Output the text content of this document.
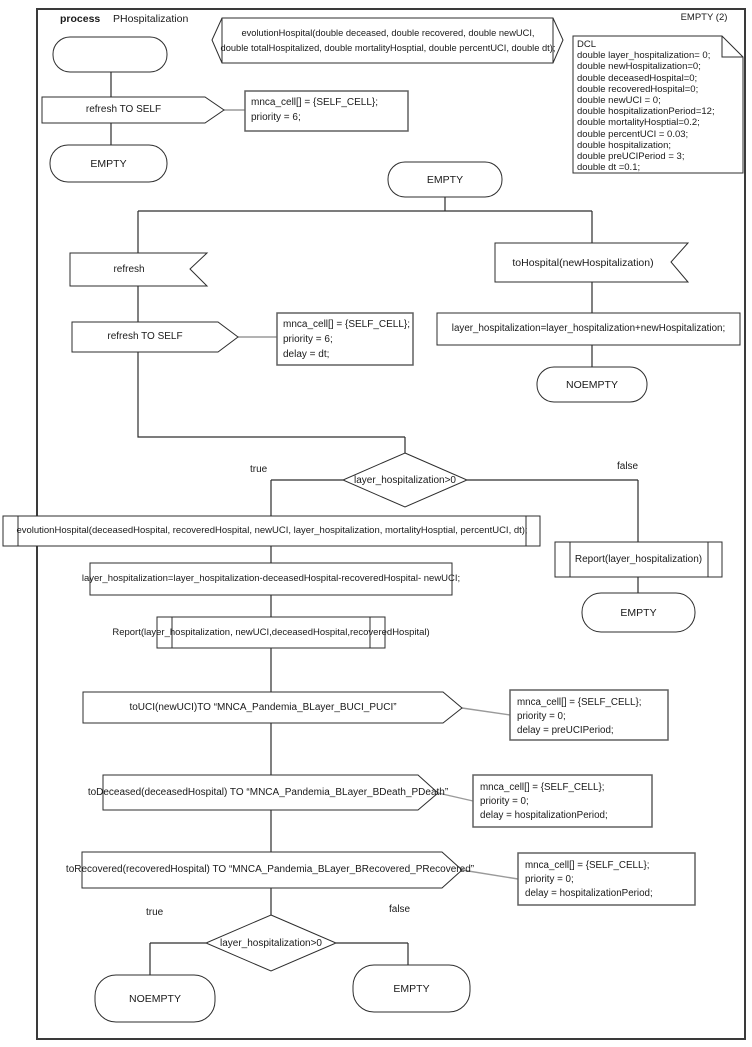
process PHospitalization	EMPTY (2)
evolutionHospital(double deceased, double recovered, double newUCI,
double totalHospitalized, double mortalityHosptial, double percentUCI, double dt); DCL
double layer_hospitalization= 0;
double newHospitalization=0;
double deceasedHospital=0;
double recoveredHospital=0;
double newUCI = 0;
double hospitalizationPeriod=12;
double mortalityHosptial=0.2;
double percentUCI = 0.03;
double hospitalization;
double preUCIPeriod = 3;
double dt =0.1;
refresh TO SELF
mnca_cell[] = {SELF_CELL};
priority = 6;
EMPTY
EMPTY
refresh
refresh TO SELF
mnca_cell[] = {SELF_CELL};
priority = 6;
delay = dt;
toHospital(newHospitalization)
layer_hospitalization=layer_hospitalization+newHospitalization;
NOEMPTY
layer_hospitalization>0
true	false
evolutionHospital(deceasedHospital, recoveredHospital, newUCI, layer_hospitalization, mortalityHosptial, percentUCI, dt);
layer_hospitalization=layer_hospitalization-deceasedHospital-recoveredHospital- newUCI;
Report(layer_hospitalization, newUCI,deceasedHospital,recoveredHospital)
toUCI(newUCI)TO “MNCA_Pandemia_BLayer_BUCI_PUCI”	mnca_cell[] = {SELF_CELL};
priority = 0;
delay = preUCIPeriod;
toDeceased(deceasedHospital) TO “MNCA_Pandemia_BLayer_BDeath_PDeath”	mnca_cell[] = {SELF_CELL};
priority = 0;
delay = hospitalizationPeriod;
toRecovered(recoveredHospital) TO “MNCA_Pandemia_BLayer_BRecovered_PRecovered”	mnca_cell[] = {SELF_CELL};
priority = 0;
delay = hospitalizationPeriod;
layer_hospitalization>0
true	false
NOEMPTY
EMPTY
Report(layer_hospitalization)
EMPTY
